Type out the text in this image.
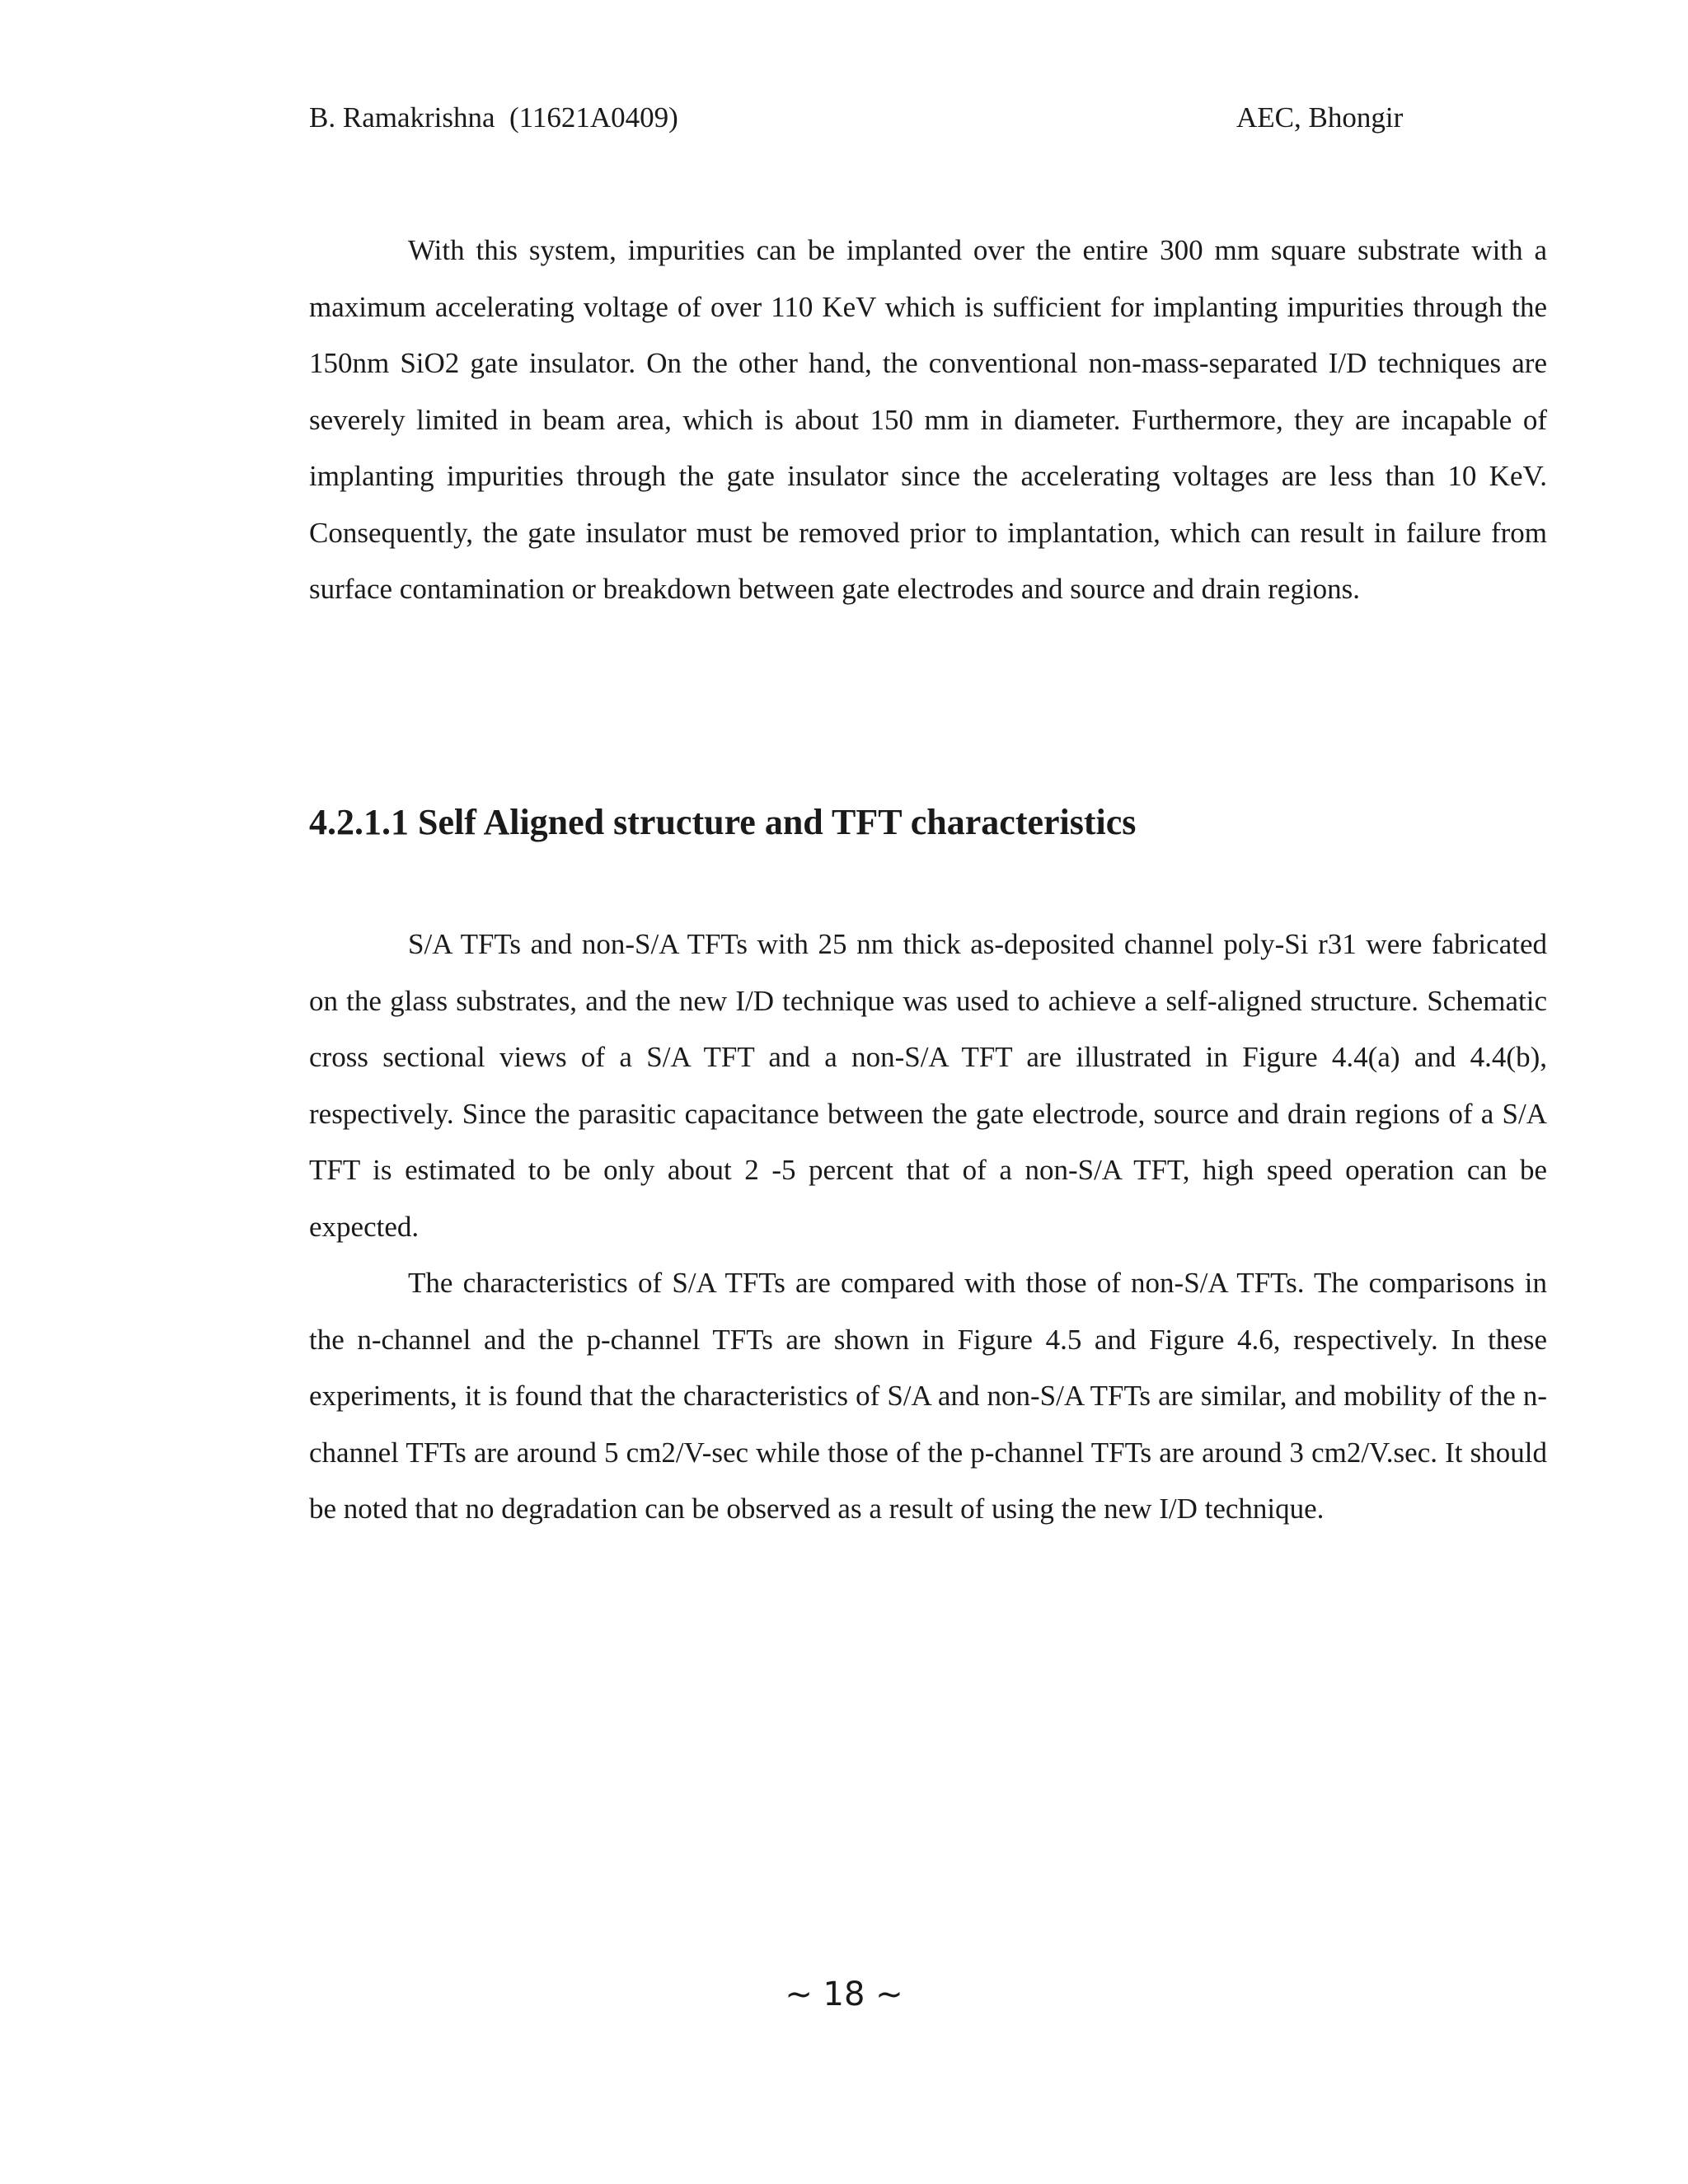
B. Ramakrishna  (11621A0409)	AEC, Bhongir

With this system, impurities can be implanted over the entire 300 mm square substrate with a maximum accelerating voltage of over 110 KeV which is sufficient for implanting impurities through the 150nm SiO2 gate insulator. On the other hand, the conventional non-mass-separated I/D techniques are severely limited in beam area, which is about 150 mm in diameter. Furthermore, they are incapable of implanting impurities through the gate insulator since the accelerating voltages are less than 10 KeV. Consequently, the gate insulator must be removed prior to implantation, which can result in failure from surface contamination or breakdown between gate electrodes and source and drain regions.

4.2.1.1 Self Aligned structure and TFT characteristics

S/A TFTs and non-S/A TFTs with 25 nm thick as-deposited channel poly-Si r31 were fabricated on the glass substrates, and the new I/D technique was used to achieve a self-aligned structure. Schematic cross sectional views of a S/A TFT and a non-S/A TFT are illustrated in Figure 4.4(a) and 4.4(b), respectively. Since the parasitic capacitance between the gate electrode, source and drain regions of a S/A TFT is estimated to be only about 2 -5 percent that of a non-S/A TFT, high speed operation can be expected.

The characteristics of S/A TFTs are compared with those of non-S/A TFTs. The comparisons in the n-channel and the p-channel TFTs are shown in Figure 4.5 and Figure 4.6, respectively. In these experiments, it is found that the characteristics of S/A and non-S/A TFTs are similar, and mobility of the n-channel TFTs are around 5 cm2/V-sec while those of the p-channel TFTs are around 3 cm2/V.sec. It should be noted that no degradation can be observed as a result of using the new I/D technique.

~ 18 ~
